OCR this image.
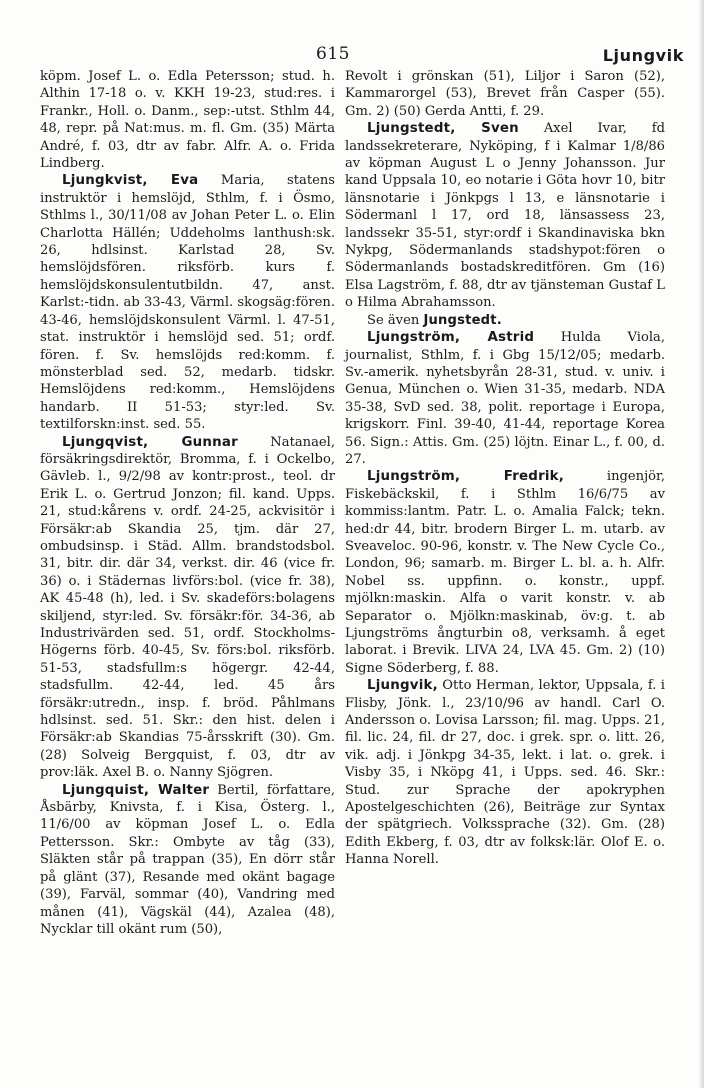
615	Ljungvik

köpm. Josef L. o. Edla Petersson; stud. h. Althin 17-18 o. v. KKH 19-23, stud:res. i Frankr., Holl. o. Danm., sep:-utst. Sthlm 44, 48, repr. på Nat:mus. m. fl. Gm. (35) Märta André, f. 03, dtr av fabr. Alfr. A. o. Frida Lindberg.

Ljungkvist, Eva Maria, statens instruktör i hemslöjd, Sthlm, f. i Ösmo, Sthlms l., 30/11/08 av Johan Peter L. o. Elin Charlotta Hällén; Uddeholms lanthush:sk. 26, hdlsinst. Karlstad 28, Sv. hemslöjdsfören. riksförb. kurs f. hemslöjdskonsulentutbildn. 47, anst. Karlst:-tidn. ab 33-43, Värml. skogsäg:fören. 43-46, hemslöjdskonsulent Värml. l. 47-51, stat. instruktör i hemslöjd sed. 51; ordf. fören. f. Sv. hemslöjds red:komm. f. mönsterblad sed. 52, medarb. tidskr. Hemslöjdens red:komm., Hemslöjdens handarb. II 51-53; styr:led. Sv. textilforskn:inst. sed. 55.

Ljungqvist, Gunnar Natanael, försäkringsdirektör, Bromma, f. i Ockelbo, Gävleb. l., 9/2/98 av kontr:prost., teol. dr Erik L. o. Gertrud Jonzon; fil. kand. Upps. 21, stud:kårens v. ordf. 24-25, ackvisitör i Försäkr:ab Skandia 25, tjm. där 27, ombudsinsp. i Städ. Allm. brandstodsbol. 31, bitr. dir. där 34, verkst. dir. 46 (vice fr. 36) o. i Städernas livförs:bol. (vice fr. 38), AK 45-48 (h), led. i Sv. skadeförs:bolagens skiljend, styr:led. Sv. försäkr:för. 34-36, ab Industrivärden sed. 51, ordf. Stockholms-Högerns förb. 40-45, Sv. förs:bol. riksförb. 51-53, stadsfullm:s högergr. 42-44, stadsfullm. 42-44, led. 45 års försäkr:utredn., insp. f. bröd. Påhlmans hdlsinst. sed. 51. Skr.: den hist. delen i Försäkr:ab Skandias 75-årsskrift (30). Gm. (28) Solveig Bergquist, f. 03, dtr av prov:läk. Axel B. o. Nanny Sjögren.

Ljungquist, Walter Bertil, författare, Åsbärby, Knivsta, f. i Kisa, Österg. l., 11/6/00 av köpman Josef L. o. Edla Pettersson. Skr.: Ombyte av tåg (33), Släkten står på trappan (35), En dörr står på glänt (37), Resande med okänt bagage (39), Farväl, sommar (40), Vandring med månen (41), Vägskäl (44), Azalea (48), Nycklar till okänt rum (50),

Revolt i grönskan (51), Liljor i Saron (52), Kammarorgel (53), Brevet från Casper (55). Gm. 2) (50) Gerda Antti, f. 29.

Ljungstedt, Sven Axel Ivar, fd landssekreterare, Nyköping, f i Kalmar 1/8/86 av köpman August L o Jenny Johansson. Jur kand Uppsala 10, eo notarie i Göta hovr 10, bitr länsnotarie i Jönkpgs l 13, e länsnotarie i Södermanl l 17, ord 18, länsassess 23, landssekr 35-51, styr:ordf i Skandinaviska bkn Nykpg, Södermanlands stadshypot:fören o Södermanlands bostadskreditfören. Gm (16) Elsa Lagström, f. 88, dtr av tjänsteman Gustaf L o Hilma Abrahamsson.

Se även Jungstedt.

Ljungström, Astrid Hulda Viola, journalist, Sthlm, f. i Gbg 15/12/05; medarb. Sv.-amerik. nyhetsbyrån 28-31, stud. v. univ. i Genua, München o. Wien 31-35, medarb. NDA 35-38, SvD sed. 38, polit. reportage i Europa, krigskorr. Finl. 39-40, 41-44, reportage Korea 56. Sign.: Attis. Gm. (25) löjtn. Einar L., f. 00, d. 27.

Ljungström, Fredrik, ingenjör, Fiskebäckskil, f. i Sthlm 16/6/75 av kommiss:lantm. Patr. L. o. Amalia Falck; tekn. hed:dr 44, bitr. brodern Birger L. m. utarb. av Sveaveloc. 90-96, konstr. v. The New Cycle Co., London, 96; samarb. m. Birger L. bl. a. h. Alfr. Nobel ss. uppfinn. o. konstr., uppf. mjölkn:maskin. Alfa o varit konstr. v. ab Separator o. Mjölkn:maskinab, öv:g. t. ab Ljungströms ångturbin o8, verksamh. å eget laborat. i Brevik. LIVA 24, LVA 45. Gm. 2) (10) Signe Söderberg, f. 88.

Ljungvik, Otto Herman, lektor, Uppsala, f. i Flisby, Jönk. l., 23/10/96 av handl. Carl O. Andersson o. Lovisa Larsson; fil. mag. Upps. 21, fil. lic. 24, fil. dr 27, doc. i grek. spr. o. litt. 26, vik. adj. i Jönkpg 34-35, lekt. i lat. o. grek. i Visby 35, i Nköpg 41, i Upps. sed. 46. Skr.: Stud. zur Sprache der apokryphen Apostelgeschichten (26), Beiträge zur Syntax der spätgriech. Volkssprache (32). Gm. (28) Edith Ekberg, f. 03, dtr av folksk:lär. Olof E. o. Hanna Norell.
